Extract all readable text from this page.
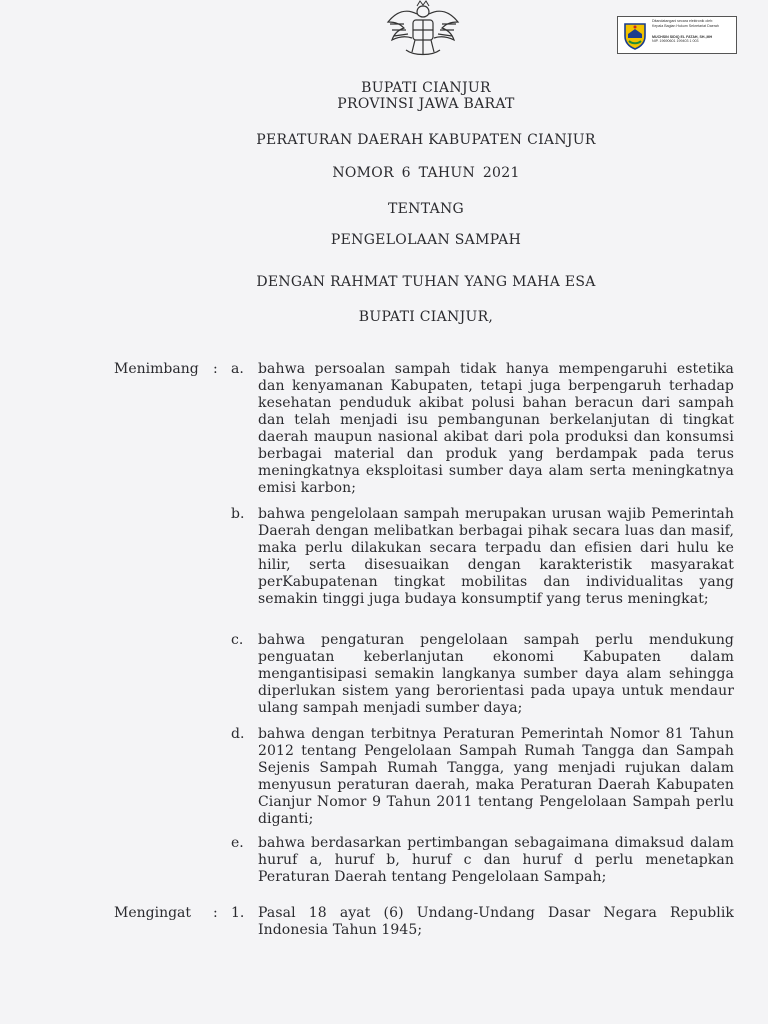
Ditandatangani secara elektronik oleh:
Kepala Bagian Hukum Sekretariat Daerah
MUCHSIN SIDIQ EL FATAH, SH.,MH
NIP. 19690601 199403 1 003
BUPATI CIANJUR
PROVINSI JAWA BARAT
PERATURAN DAERAH KABUPATEN CIANJUR
NOMOR 6 TAHUN 2021
TENTANG
PENGELOLAAN SAMPAH
DENGAN RAHMAT TUHAN YANG MAHA ESA
BUPATI CIANJUR,
Menimbang : a. bahwa persoalan sampah tidak hanya mempengaruhi estetika dan kenyamanan Kabupaten, tetapi juga berpengaruh terhadap kesehatan penduduk akibat polusi bahan beracun dari sampah dan telah menjadi isu pembangunan berkelanjutan di tingkat daerah maupun nasional akibat dari pola produksi dan konsumsi berbagai material dan produk yang berdampak pada terus meningkatnya eksploitasi sumber daya alam serta meningkatnya emisi karbon;
b. bahwa pengelolaan sampah merupakan urusan wajib Pemerintah Daerah dengan melibatkan berbagai pihak secara luas dan masif, maka perlu dilakukan secara terpadu dan efisien dari hulu ke hilir, serta disesuaikan dengan karakteristik masyarakat perKabupatenan tingkat mobilitas dan individualitas yang semakin tinggi juga budaya konsumptif yang terus meningkat;
c. bahwa pengaturan pengelolaan sampah perlu mendukung penguatan keberlanjutan ekonomi Kabupaten dalam mengantisipasi semakin langkanya sumber daya alam sehingga diperlukan sistem yang berorientasi pada upaya untuk mendaur ulang sampah menjadi sumber daya;
d. bahwa dengan terbitnya Peraturan Pemerintah Nomor 81 Tahun 2012 tentang Pengelolaan Sampah Rumah Tangga dan Sampah Sejenis Sampah Rumah Tangga, yang menjadi rujukan dalam menyusun peraturan daerah, maka Peraturan Daerah Kabupaten Cianjur Nomor 9 Tahun 2011 tentang Pengelolaan Sampah perlu diganti;
e. bahwa berdasarkan pertimbangan sebagaimana dimaksud dalam huruf a, huruf b, huruf c dan huruf d perlu menetapkan Peraturan Daerah tentang Pengelolaan Sampah;
Mengingat : 1. Pasal 18 ayat (6) Undang-Undang Dasar Negara Republik Indonesia Tahun 1945;
